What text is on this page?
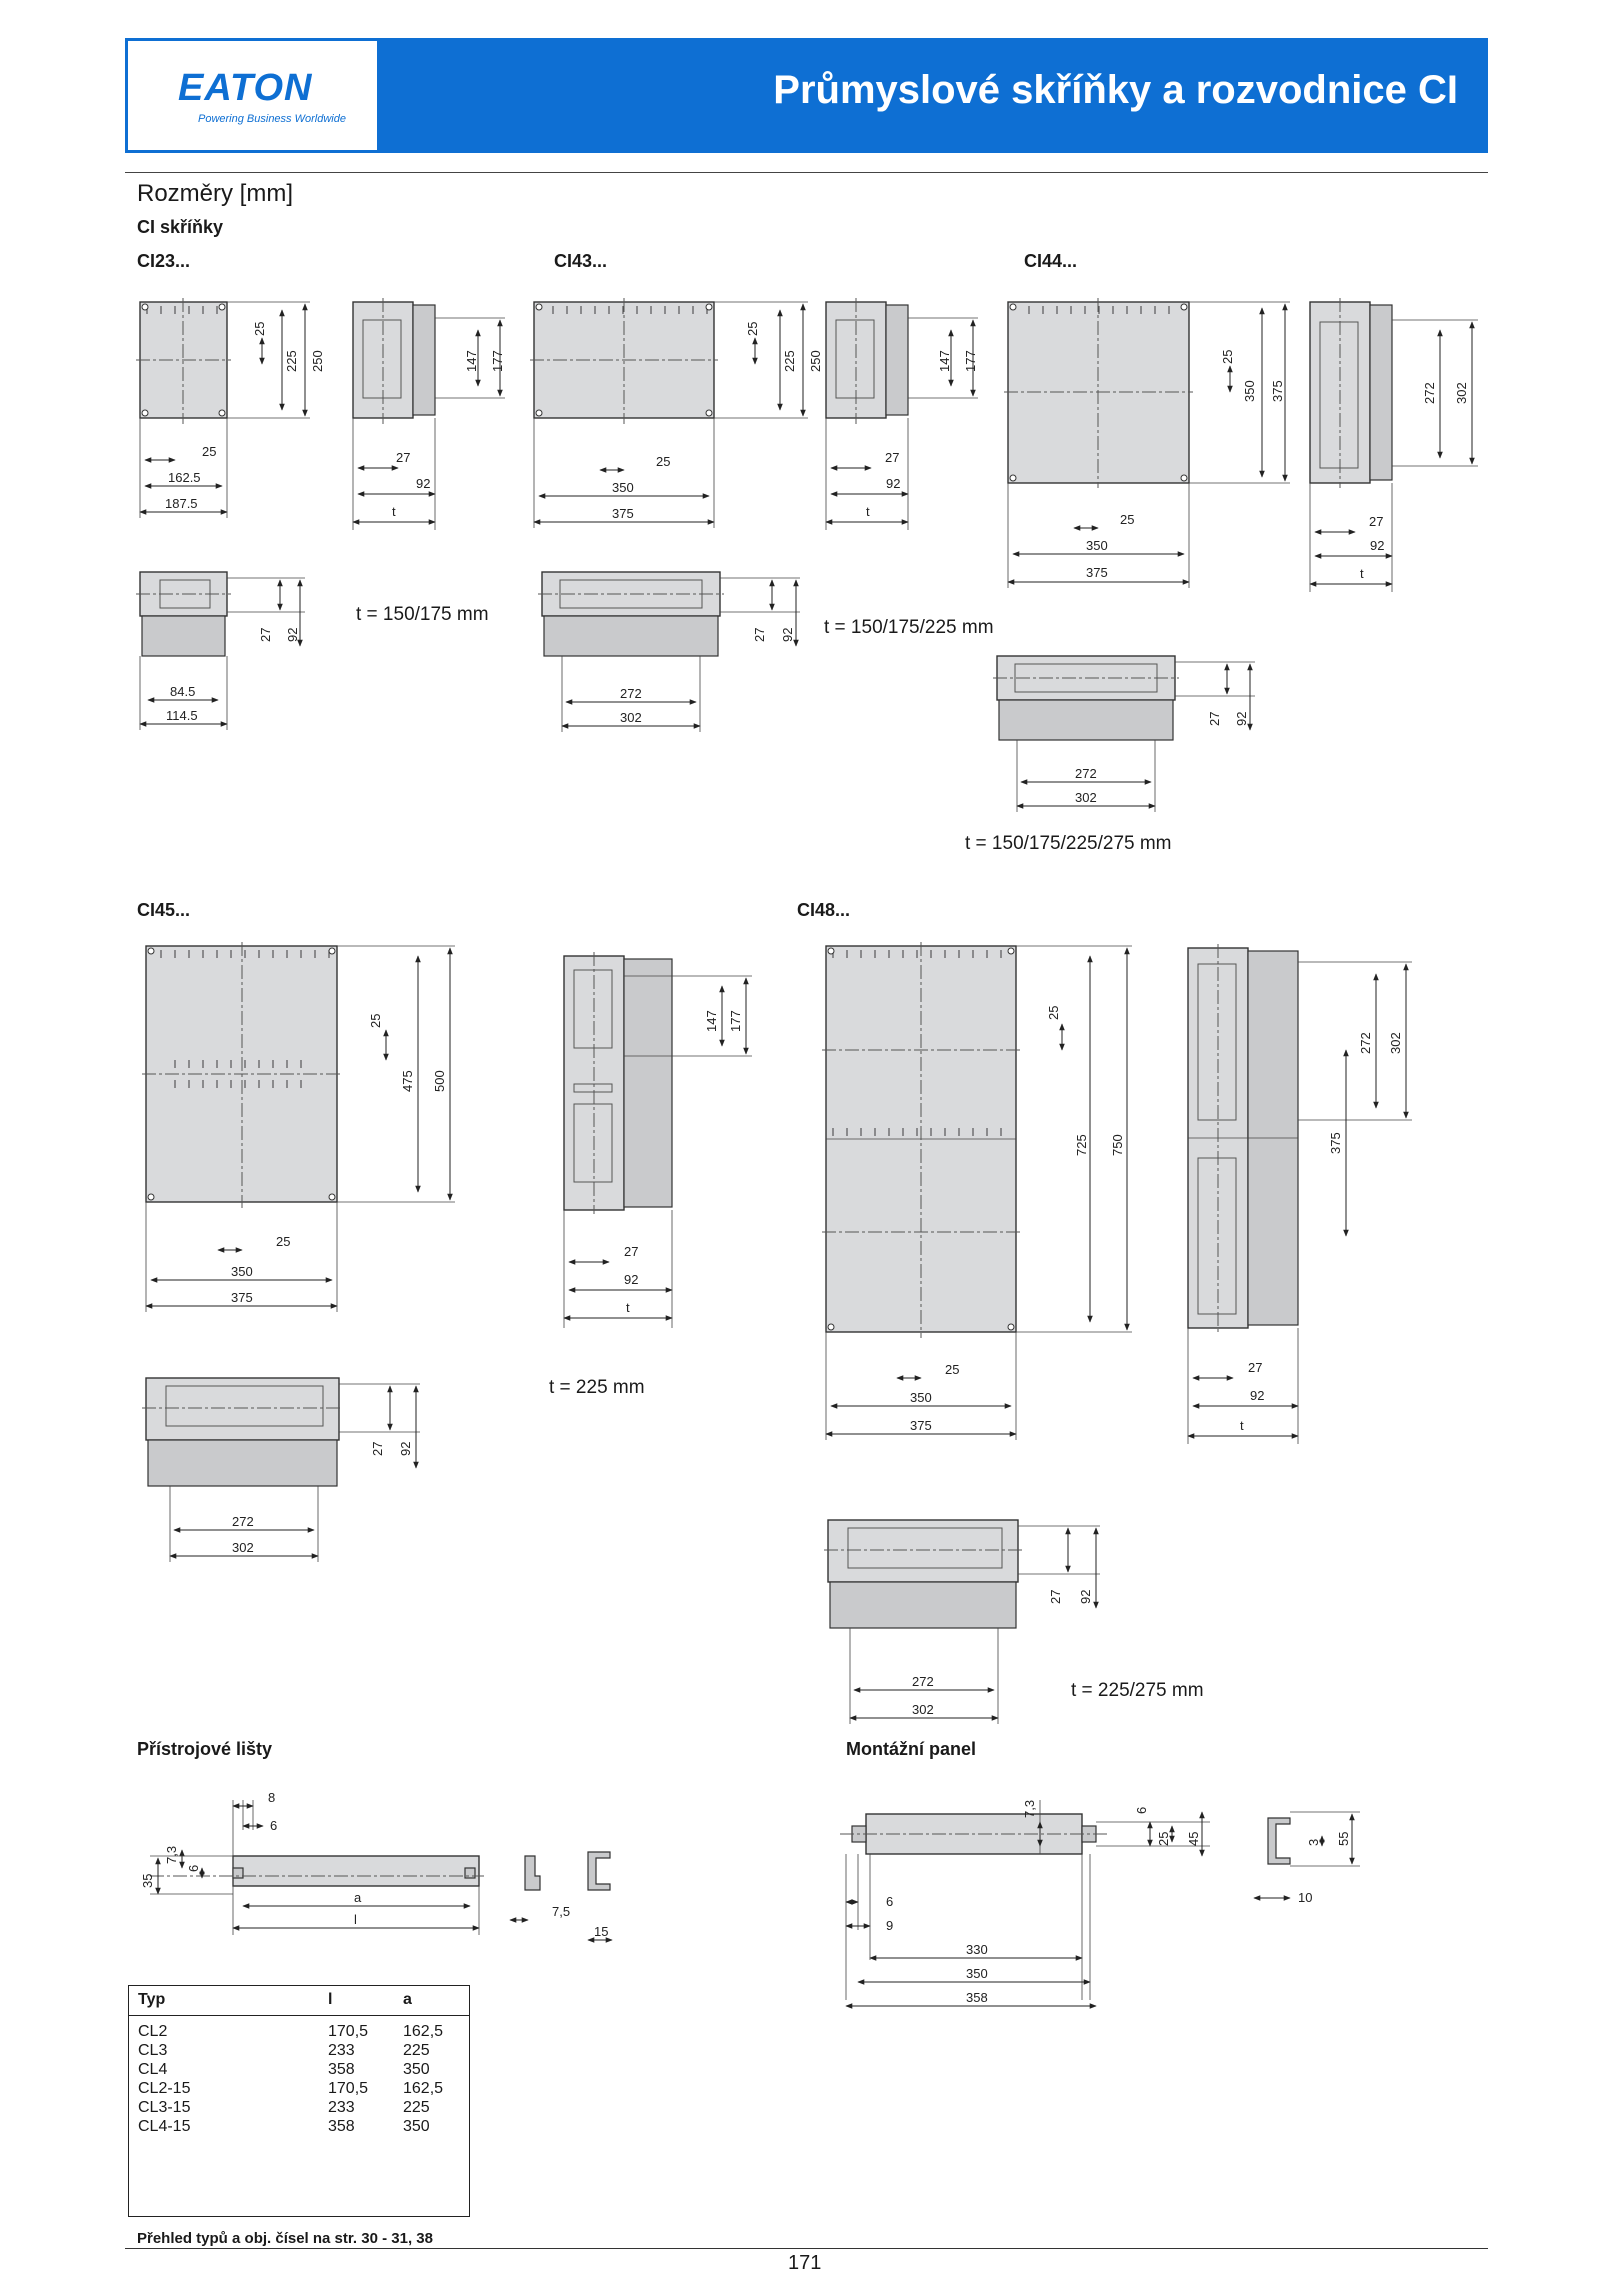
Průmyslové skříňky a rozvodnice CI
EATON
Powering Business Worldwide
Rozměry [mm]
CI skříňky
CI23...	CI43...	CI44...
CI45...	CI48...
t = 150/175 mm
t = 150/175/225 mm
t = 150/175/225/275 mm
t = 225 mm
t = 225/275 mm
25
225 250
25
162.5
187.5
147 177
27
92
t
27 92
84.5
114.5
25
225 250
25
350
375
147 177
27
92
t
27 92
272
302
25
350 375
25
350
375
272 302
27
92
t
27 92
272
302
25
475 500
25
350
375
147 177
27
92
t
27 92
272
302
25
725 750
25
350
375
272 302
375
27
92
t
27 92
272
302
8
6
7,3
6
35
a
l
7,5
15
7,3	6
25 45
6
9
330
350
358
3 55
10
Přístrojové lišty	Montážní panel
Typ	l	a
CL2	170,5	162,5
CL3	233	225
CL4	358	350
CL2-15	170,5	162,5
CL3-15	233	225
CL4-15	358	350
Přehled typů a obj. čísel na str. 30 - 31, 38
171
